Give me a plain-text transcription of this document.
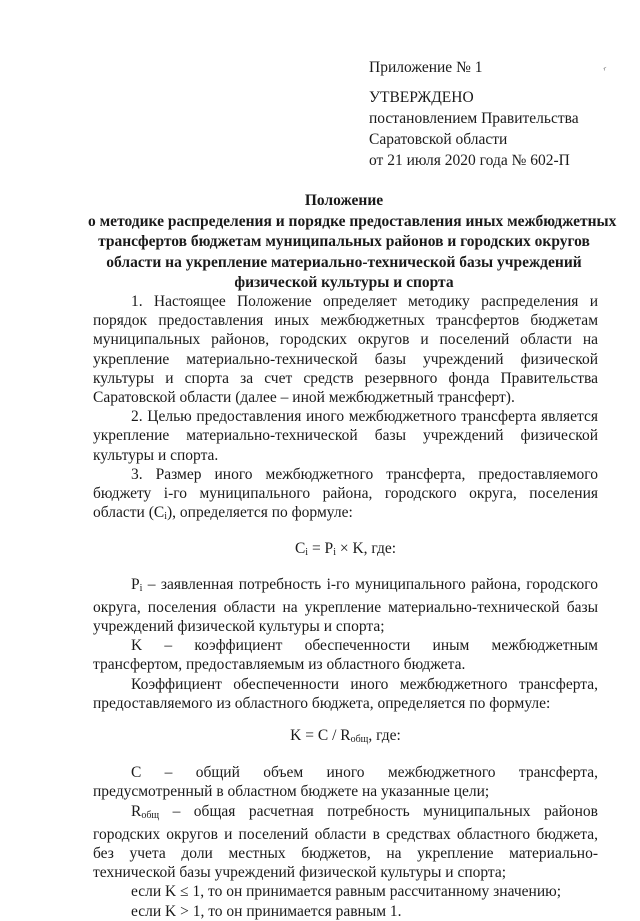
‹
Приложение № 1
УТВЕРЖДЕНО
постановлением Правительства
Саратовской области
от 21 июля 2020 года № 602-П
Положение
о методике распределения и порядке предоставления иных межбюджетных
трансфертов бюджетам муниципальных районов и городских округов
области на укрепление материально-технической базы учреждений
физической культуры и спорта

1. Настоящее Положение определяет методику распределения и порядок предоставления иных межбюджетных трансфертов бюджетам муниципальных районов, городских округов и поселений области на укрепление материально-технической базы учреждений физической культуры и спорта за счет средств резервного фонда Правительства Саратовской области (далее – иной межбюджетный трансферт).

2. Целью предоставления иного межбюджетного трансферта является укрепление материально-технической базы учреждений физической культуры и спорта.

3. Размер иного межбюджетного трансферта, предоставляемого бюджету i-го муниципального района, городского округа, поселения области $(C_i)$, определяется по формуле:

$C_i = P_i \times K$, где:

$P_i$ – заявленная потребность i-го муниципального района, городского округа, поселения области на укрепление материально-технической базы учреждений физической культуры и спорта;

K – коэффициент обеспеченности иным межбюджетным трансфертом, предоставляемым из областного бюджета.

Коэффициент обеспеченности иного межбюджетного трансферта, предоставляемого из областного бюджета, определяется по формуле:

$K = C / R_{общ}$, где:

C – общий объем иного межбюджетного трансферта, предусмотренный в областном бюджете на указанные цели;

$R_{общ}$ – общая расчетная потребность муниципальных районов городских округов и поселений области в средствах областного бюджета, без учета доли местных бюджетов, на укрепление материально-технической базы учреждений физической культуры и спорта;

если K ≤ 1, то он принимается равным рассчитанному значению;

если K > 1, то он принимается равным 1.
